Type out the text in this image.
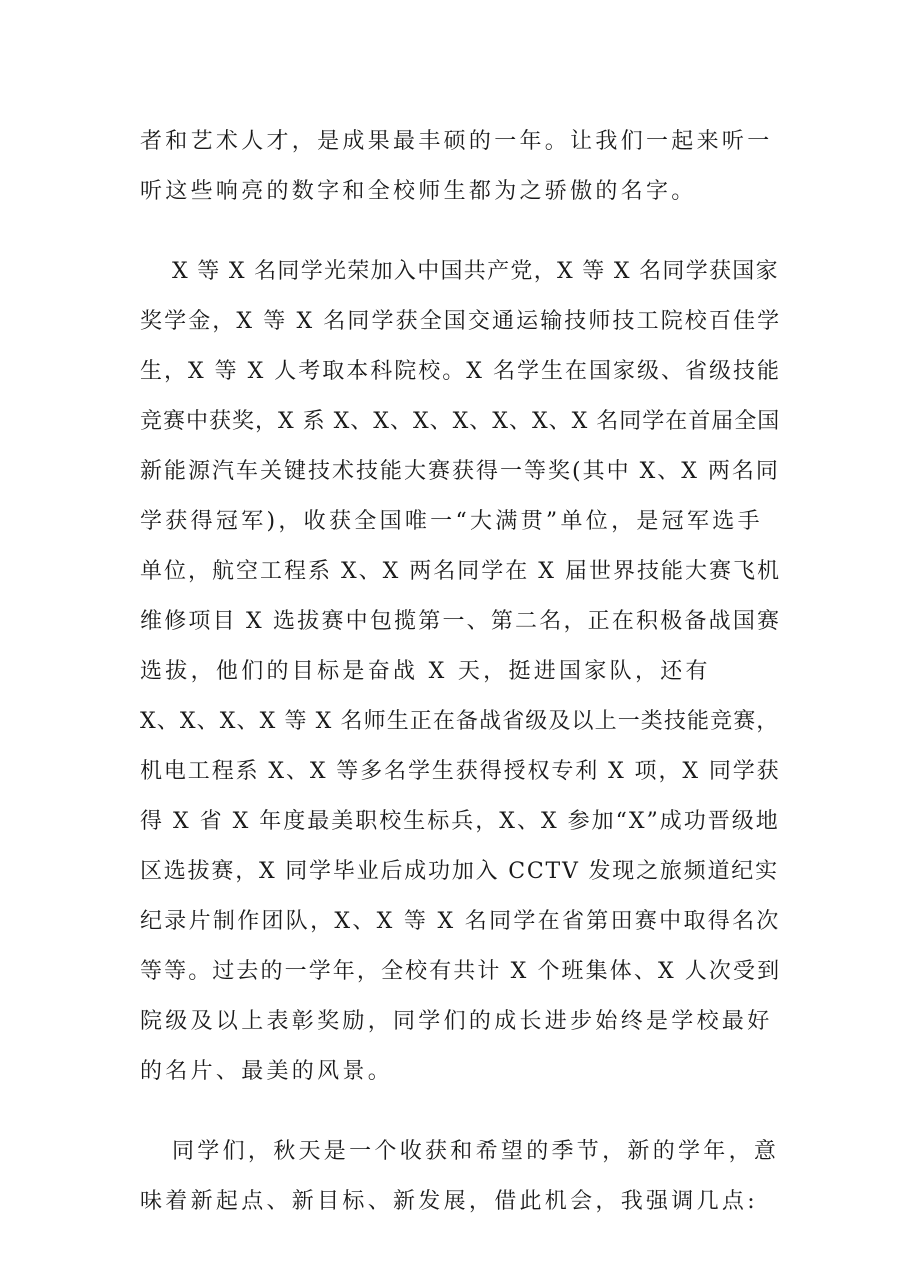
者和艺术人才，是成果最丰硕的一年。让我们一起来听一
听这些响亮的数字和全校师生都为之骄傲的名字。
X 等 X 名同学光荣加入中国共产党，X 等 X 名同学获国家
奖学金，X 等 X 名同学获全国交通运输技师技工院校百佳学
生，X 等 X 人考取本科院校。X 名学生在国家级、省级技能
竞赛中获奖，X 系 X、X、X、X、X、X、X 名同学在首届全国
新能源汽车关键技术技能大赛获得一等奖(其中 X、X 两名同
学获得冠军)，收获全国唯一“大满贯”单位，是冠军选手
单位，航空工程系 X、X 两名同学在 X 届世界技能大赛飞机
维修项目 X 选拔赛中包揽第一、第二名，正在积极备战国赛
选拔，他们的目标是奋战 X 天，挺进国家队，还有
X、X、X、X 等 X 名师生正在备战省级及以上一类技能竞赛，
机电工程系 X、X 等多名学生获得授权专利 X 项，X 同学获
得 X 省 X 年度最美职校生标兵，X、X 参加“X”成功晋级地
区选拔赛，X 同学毕业后成功加入 CCTV 发现之旅频道纪实
纪录片制作团队，X、X 等 X 名同学在省第田赛中取得名次
等等。过去的一学年，全校有共计 X 个班集体、X 人次受到
院级及以上表彰奖励，同学们的成长进步始终是学校最好
的名片、最美的风景。
同学们，秋天是一个收获和希望的季节，新的学年，意
味着新起点、新目标、新发展，借此机会，我强调几点:
